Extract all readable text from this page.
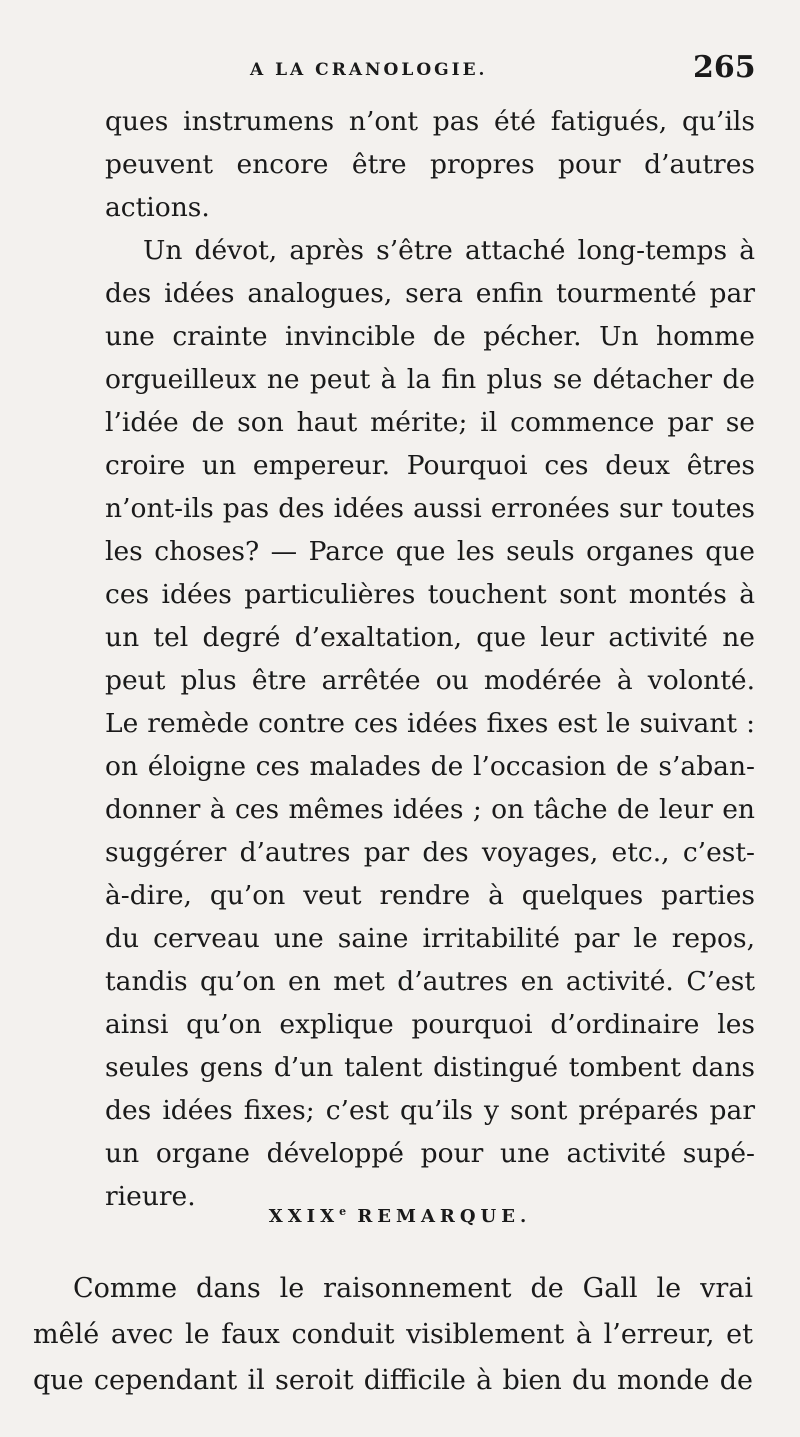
A LA CRANOLOGIE.	265
ques instrumens n’ont pas été fatigués, qu’ils
peuvent encore être propres pour d’autres
actions.
Un dévot, après s’être attaché long-temps à
des idées analogues, sera enfin tourmenté par
une crainte invincible de pécher. Un homme
orgueilleux ne peut à la fin plus se détacher de
l’idée de son haut mérite; il commence par se
croire un empereur. Pourquoi ces deux êtres
n’ont-ils pas des idées aussi erronées sur toutes
les choses? — Parce que les seuls organes que
ces idées particulières touchent sont montés à
un tel degré d’exaltation, que leur activité ne
peut plus être arrêtée ou modérée à volonté.
Le remède contre ces idées fixes est le suivant :
on éloigne ces malades de l’occasion de s’aban-
donner à ces mêmes idées ; on tâche de leur en
suggérer d’autres par des voyages, etc., c’est-
à-dire, qu’on veut rendre à quelques parties
du cerveau une saine irritabilité par le repos,
tandis qu’on en met d’autres en activité. C’est
ainsi qu’on explique pourquoi d’ordinaire les
seules gens d’un talent distingué tombent dans
des idées fixes; c’est qu’ils y sont préparés par
un organe développé pour une activité supé-
rieure.
XXIXe REMARQUE.
Comme dans le raisonnement de Gall le vrai
mêlé avec le faux conduit visiblement à l’erreur, et
que cependant il seroit difficile à bien du monde de
